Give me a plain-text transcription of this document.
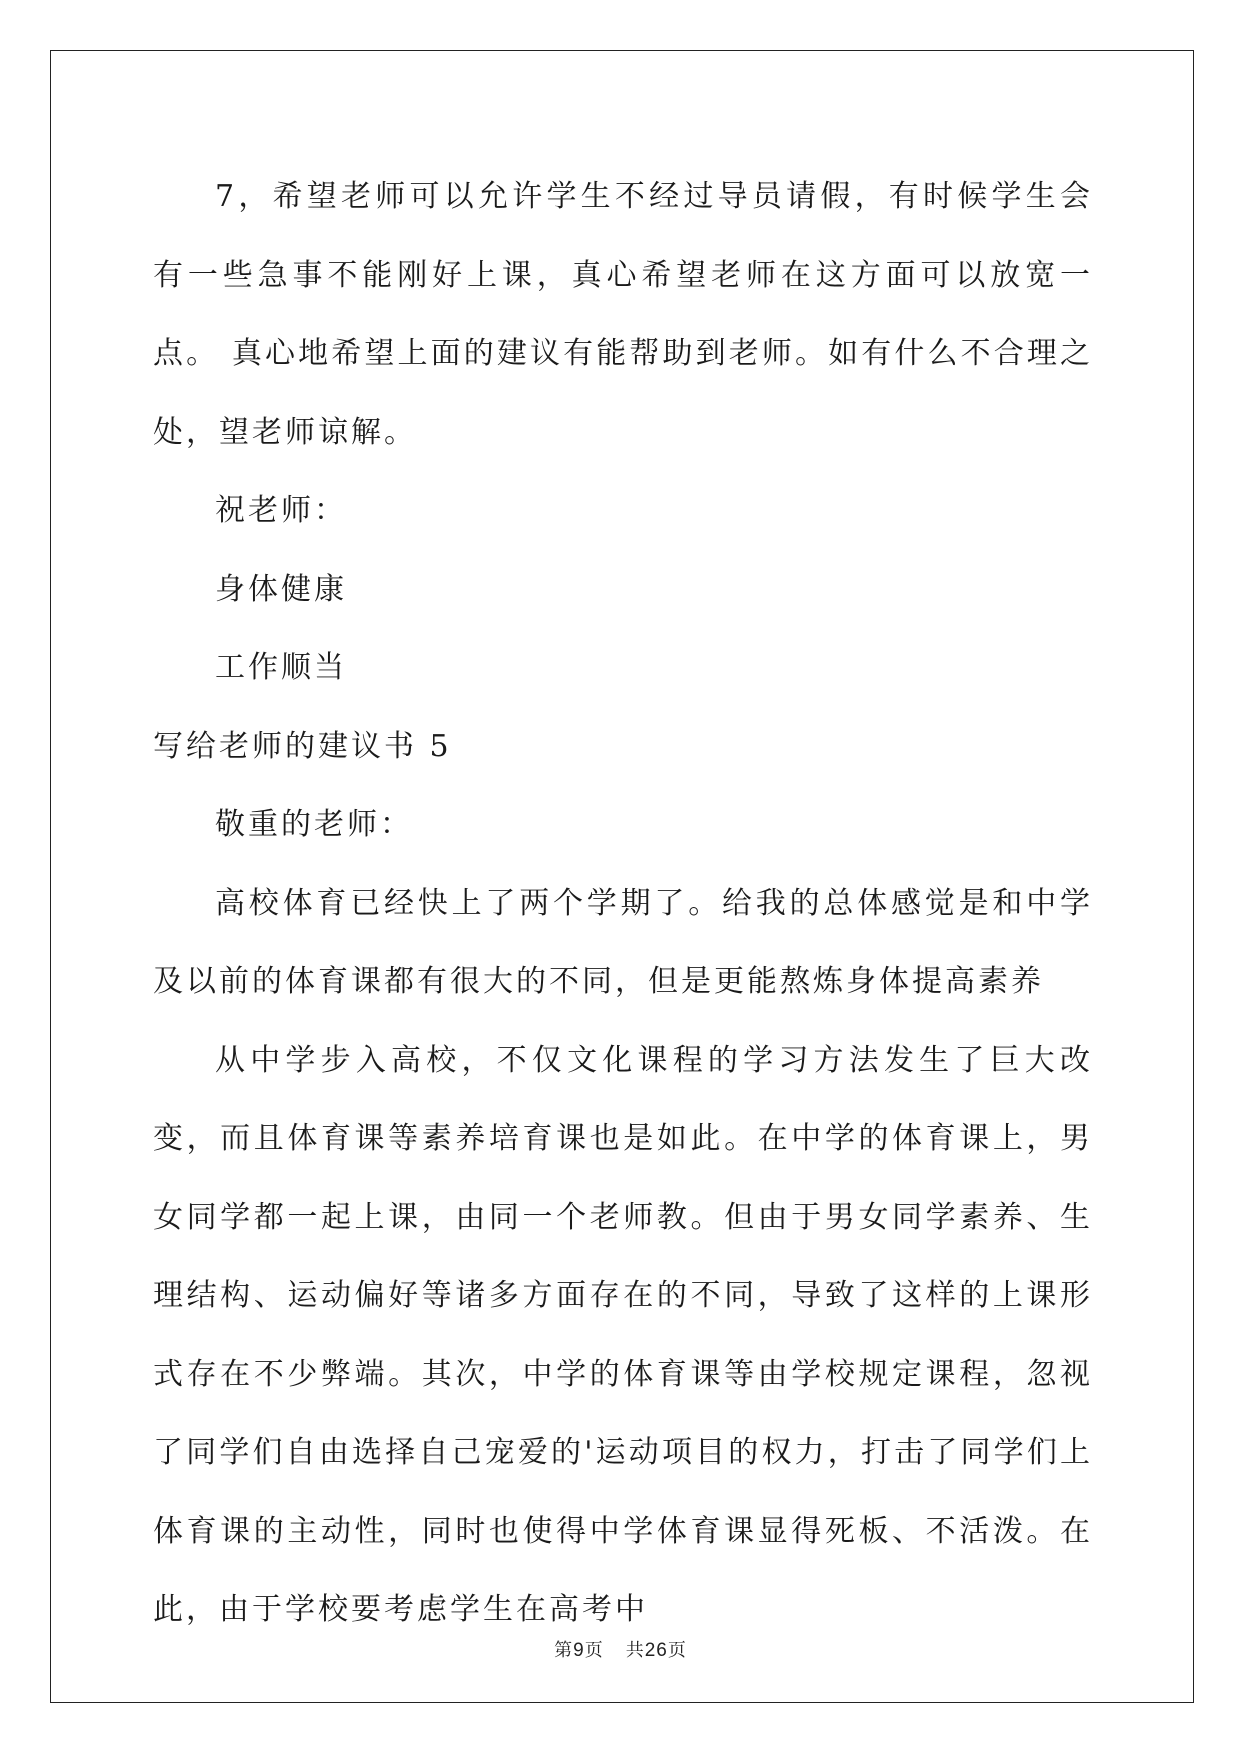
7，希望老师可以允许学生不经过导员请假，有时候学生会有一些急事不能刚好上课，真心希望老师在这方面可以放宽一点。 真心地希望上面的建议有能帮助到老师。如有什么不合理之处，望老师谅解。

祝老师：

身体健康

工作顺当

写给老师的建议书 5

敬重的老师：

高校体育已经快上了两个学期了。给我的总体感觉是和中学及以前的体育课都有很大的不同，但是更能熬炼身体提高素养

从中学步入高校，不仅文化课程的学习方法发生了巨大改变，而且体育课等素养培育课也是如此。在中学的体育课上，男女同学都一起上课，由同一个老师教。但由于男女同学素养、生理结构、运动偏好等诸多方面存在的不同，导致了这样的上课形式存在不少弊端。其次，中学的体育课等由学校规定课程，忽视了同学们自由选择自己宠爱的'运动项目的权力，打击了同学们上体育课的主动性，同时也使得中学体育课显得死板、不活泼。在此，由于学校要考虑学生在高考中

第9页 共26页
